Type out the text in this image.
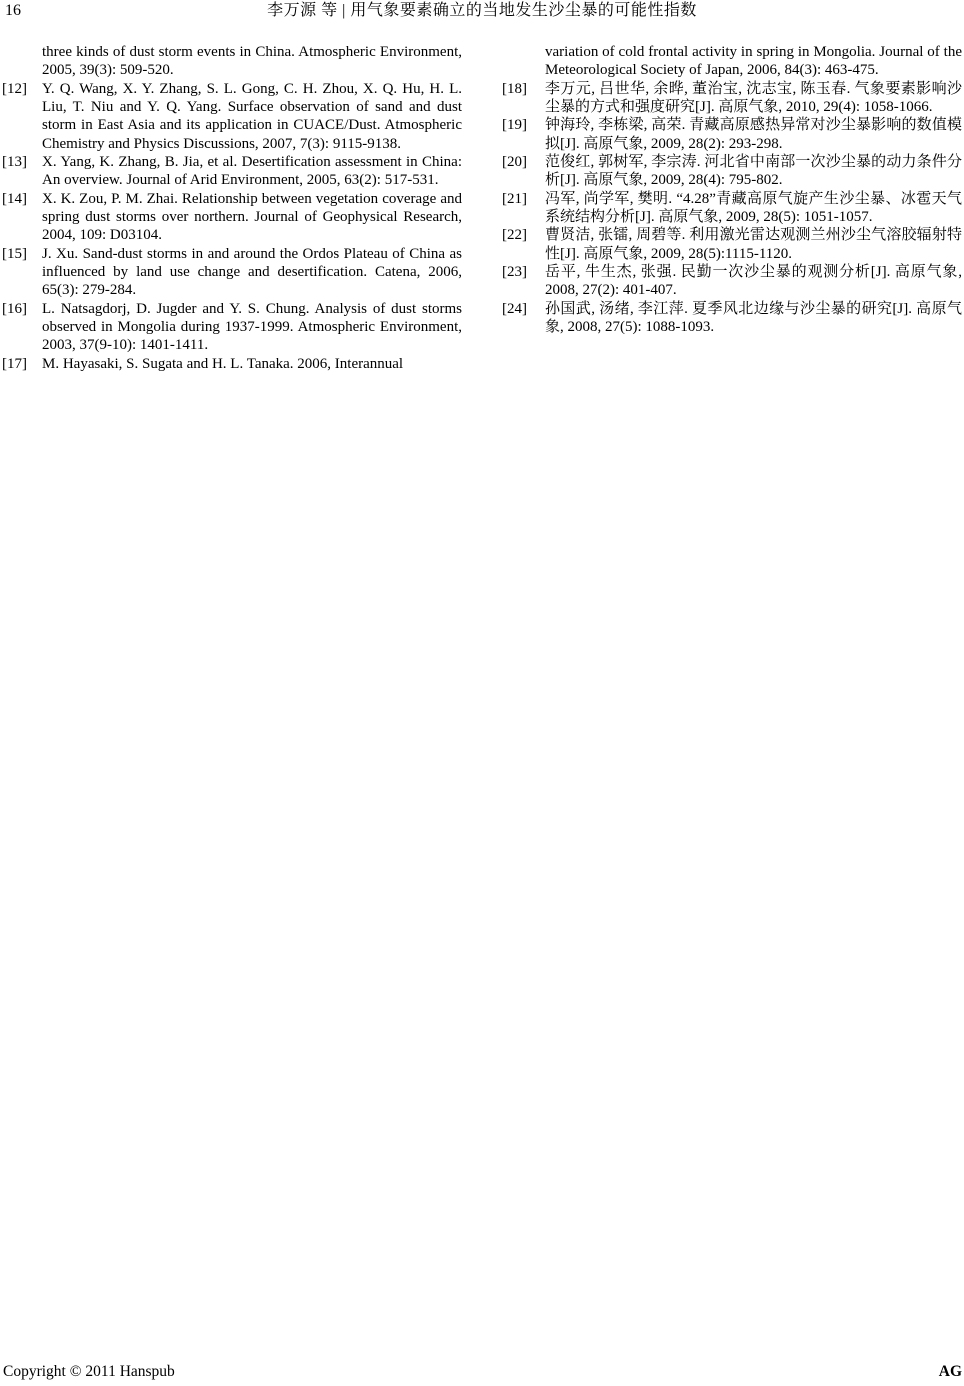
16	李万源 等 | 用气象要素确立的当地发生沙尘暴的可能性指数
three kinds of dust storm events in China. Atmospheric Environment, 2005, 39(3): 509-520.
[12] Y. Q. Wang, X. Y. Zhang, S. L. Gong, C. H. Zhou, X. Q. Hu, H. L. Liu, T. Niu and Y. Q. Yang. Surface observation of sand and dust storm in East Asia and its application in CUACE/Dust. Atmospheric Chemistry and Physics Discussions, 2007, 7(3): 9115-9138.
[13] X. Yang, K. Zhang, B. Jia, et al. Desertification assessment in China: An overview. Journal of Arid Environment, 2005, 63(2): 517-531.
[14] X. K. Zou, P. M. Zhai. Relationship between vegetation coverage and spring dust storms over northern. Journal of Geophysical Research, 2004, 109: D03104.
[15] J. Xu. Sand-dust storms in and around the Ordos Plateau of China as influenced by land use change and desertification. Catena, 2006, 65(3): 279-284.
[16] L. Natsagdorj, D. Jugder and Y. S. Chung. Analysis of dust storms observed in Mongolia during 1937-1999. Atmospheric Environment, 2003, 37(9-10): 1401-1411.
[17] M. Hayasaki, S. Sugata and H. L. Tanaka. 2006, Interannual
variation of cold frontal activity in spring in Mongolia. Journal of the Meteorological Society of Japan, 2006, 84(3): 463-475.
[18] 李万元, 吕世华, 余晔, 董治宝, 沈志宝, 陈玉春. 气象要素影响沙尘暴的方式和强度研究[J]. 高原气象, 2010, 29(4): 1058-1066.
[19] 钟海玲, 李栋梁, 高荣. 青藏高原感热异常对沙尘暴影响的数值模拟[J]. 高原气象, 2009, 28(2): 293-298.
[20] 范俊红, 郭树军, 李宗涛. 河北省中南部一次沙尘暴的动力条件分析[J]. 高原气象, 2009, 28(4): 795-802.
[21] 冯军, 尚学军, 樊明. “4.28”青藏高原气旋产生沙尘暴、冰雹天气系统结构分析[J]. 高原气象, 2009, 28(5): 1051-1057.
[22] 曹贤洁, 张镭, 周碧等. 利用激光雷达观测兰州沙尘气溶胶辐射特性[J]. 高原气象, 2009, 28(5):1115-1120.
[23] 岳平, 牛生杰, 张强. 民勤一次沙尘暴的观测分析[J]. 高原气象, 2008, 27(2): 401-407.
[24] 孙国武, 汤绪, 李江萍. 夏季风北边缘与沙尘暴的研究[J]. 高原气象, 2008, 27(5): 1088-1093.
Copyright © 2011 Hanspub	AG
